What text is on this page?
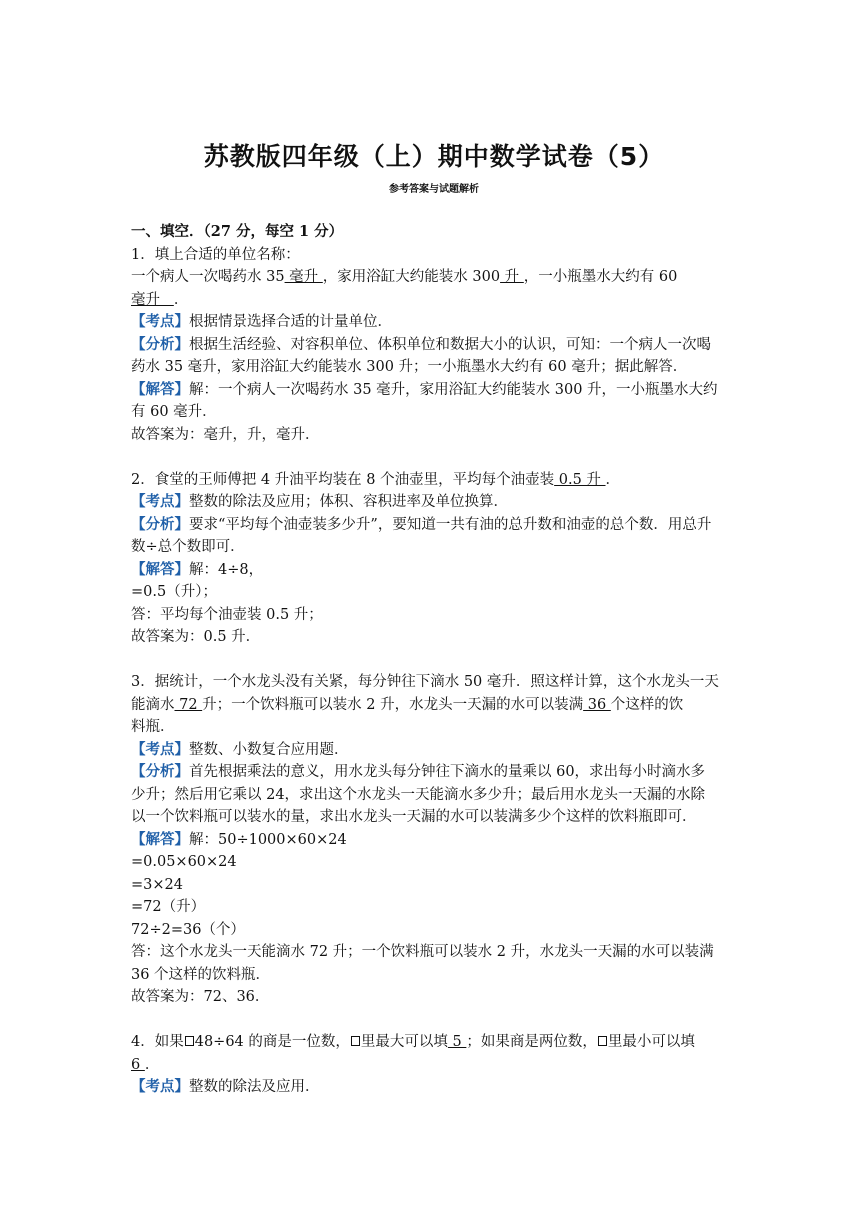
苏教版四年级（上）期中数学试卷（5）
参考答案与试题解析
一、填空．（27 分，每空 1 分）
1．填上合适的单位名称：
一个病人一次喝药水 35 毫升 ，家用浴缸大约能装水 300 升 ，一小瓶墨水大约有 60
毫升 ．
【考点】根据情景选择合适的计量单位．
【分析】根据生活经验、对容积单位、体积单位和数据大小的认识，可知：一个病人一次喝
药水 35 毫升，家用浴缸大约能装水 300 升；一小瓶墨水大约有 60 毫升；据此解答．
【解答】解：一个病人一次喝药水 35 毫升，家用浴缸大约能装水 300 升，一小瓶墨水大约
有 60 毫升．
故答案为：毫升，升，毫升．
2．食堂的王师傅把 4 升油平均装在 8 个油壶里，平均每个油壶装 0.5 升 ．
【考点】整数的除法及应用；体积、容积进率及单位换算．
【分析】要求“平均每个油壶装多少升”，要知道一共有油的总升数和油壶的总个数．用总升
数÷总个数即可．
【解答】解：4÷8，
=0.5（升）；
答：平均每个油壶装 0.5 升；
故答案为：0.5 升．
3．据统计，一个水龙头没有关紧，每分钟往下滴水 50 毫升．照这样计算，这个水龙头一天
能滴水 72 升；一个饮料瓶可以装水 2 升，水龙头一天漏的水可以装满 36 个这样的饮
料瓶．
【考点】整数、小数复合应用题．
【分析】首先根据乘法的意义，用水龙头每分钟往下滴水的量乘以 60，求出每小时滴水多
少升；然后用它乘以 24，求出这个水龙头一天能滴水多少升；最后用水龙头一天漏的水除
以一个饮料瓶可以装水的量，求出水龙头一天漏的水可以装满多少个这样的饮料瓶即可．
【解答】解：50÷1000×60×24
=0.05×60×24
=3×24
=72（升）
72÷2=36（个）
答：这个水龙头一天能滴水 72 升；一个饮料瓶可以装水 2 升，水龙头一天漏的水可以装满
36 个这样的饮料瓶．
故答案为：72、36．
4．如果 48÷64 的商是一位数， 里最大可以填 5 ；如果商是两位数， 里最小可以填
6 ．
【考点】整数的除法及应用．
